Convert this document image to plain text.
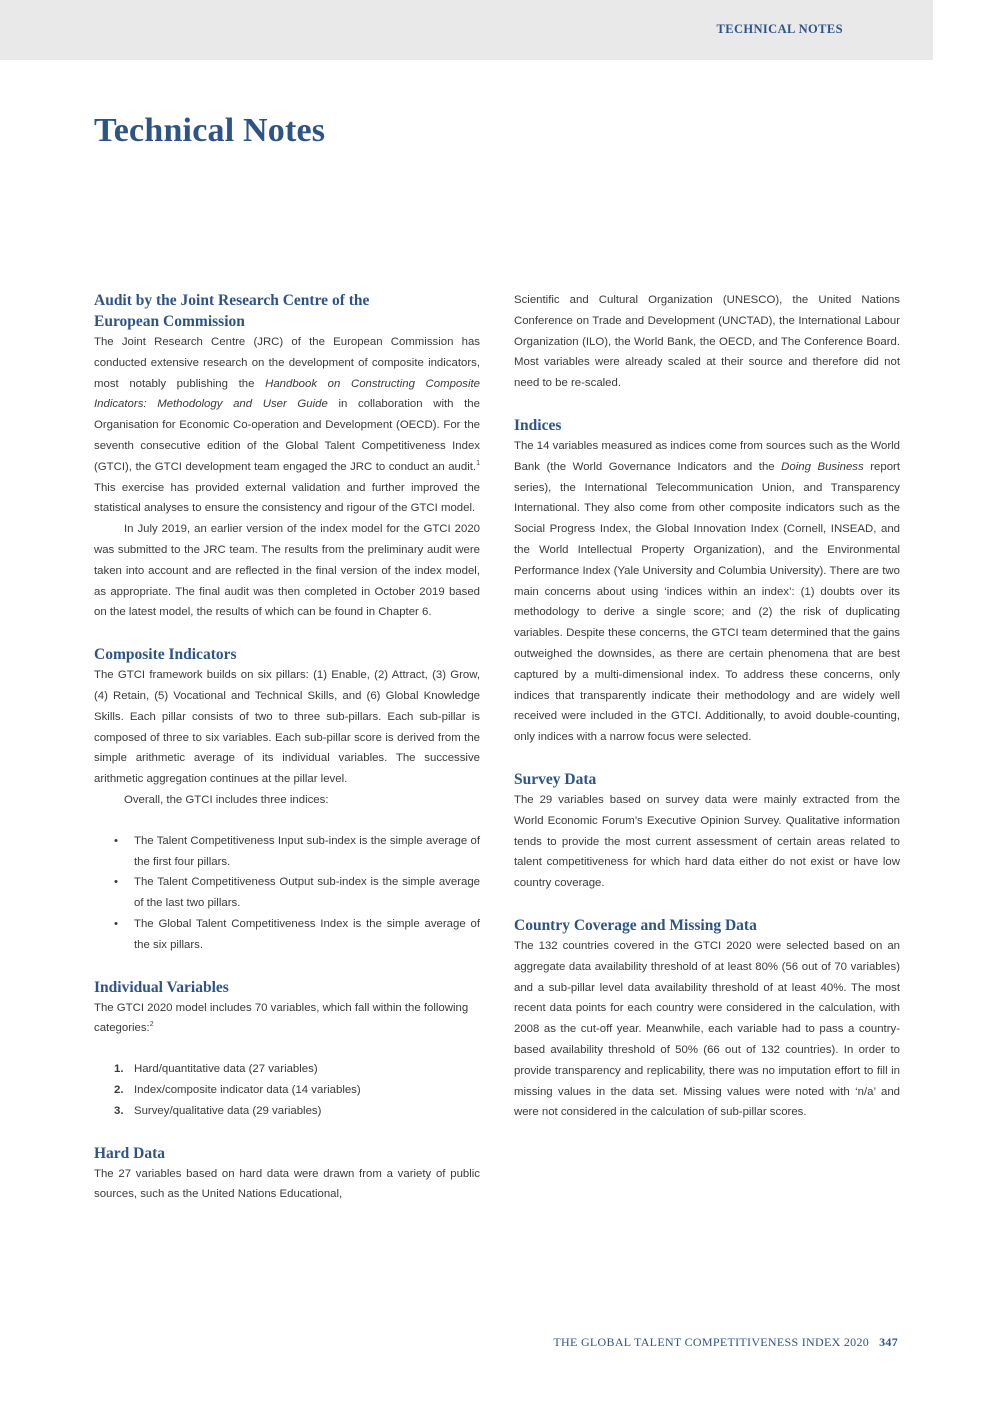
TECHNICAL NOTES
Technical Notes
Audit by the Joint Research Centre of the
European Commission

The Joint Research Centre (JRC) of the European Commission has conducted extensive research on the development of composite indicators, most notably publishing the Handbook on Constructing Composite Indicators: Methodology and User Guide in collaboration with the Organisation for Economic Co-operation and Development (OECD). For the seventh consecutive edition of the Global Talent Competitiveness Index (GTCI), the GTCI development team engaged the JRC to conduct an audit.$^1$ This exercise has provided external validation and further improved the statistical analyses to ensure the consistency and rigour of the GTCI model.

In July 2019, an earlier version of the index model for the GTCI 2020 was submitted to the JRC team. The results from the preliminary audit were taken into account and are reflected in the final version of the index model, as appropriate. The final audit was then completed in October 2019 based on the latest model, the results of which can be found in Chapter 6.

Composite Indicators

The GTCI framework builds on six pillars: (1) Enable, (2) Attract, (3) Grow, (4) Retain, (5) Vocational and Technical Skills, and (6) Global Knowledge Skills. Each pillar consists of two to three sub-pillars. Each sub-pillar is composed of three to six variables. Each sub-pillar score is derived from the simple arithmetic average of its individual variables. The successive arithmetic aggregation continues at the pillar level.

Overall, the GTCI includes three indices:

• The Talent Competitiveness Input sub-index is the simple average of the first four pillars.
• The Talent Competitiveness Output sub-index is the simple average of the last two pillars.
• The Global Talent Competitiveness Index is the simple average of the six pillars.
Individual Variables

The GTCI 2020 model includes 70 variables, which fall within the following categories:$^2$

1. Hard/quantitative data (27 variables)
2. Index/composite indicator data (14 variables)
3. Survey/qualitative data (29 variables)
Hard Data

The 27 variables based on hard data were drawn from a variety of public sources, such as the United Nations Educational,

Scientific and Cultural Organization (UNESCO), the United Nations Conference on Trade and Development (UNCTAD), the International Labour Organization (ILO), the World Bank, the OECD, and The Conference Board. Most variables were already scaled at their source and therefore did not need to be re-scaled.

Indices

The 14 variables measured as indices come from sources such as the World Bank (the World Governance Indicators and the Doing Business report series), the International Telecommunication Union, and Transparency International. They also come from other composite indicators such as the Social Progress Index, the Global Innovation Index (Cornell, INSEAD, and the World Intellectual Property Organization), and the Environmental Performance Index (Yale University and Columbia University). There are two main concerns about using ‘indices within an index’: (1) doubts over its methodology to derive a single score; and (2) the risk of duplicating variables. Despite these concerns, the GTCI team determined that the gains outweighed the downsides, as there are certain phenomena that are best captured by a multi-dimensional index. To address these concerns, only indices that transparently indicate their methodology and are widely well received were included in the GTCI. Additionally, to avoid double-counting, only indices with a narrow focus were selected.

Survey Data

The 29 variables based on survey data were mainly extracted from the World Economic Forum’s Executive Opinion Survey. Qualitative information tends to provide the most current assessment of certain areas related to talent competitiveness for which hard data either do not exist or have low country coverage.

Country Coverage and Missing Data

The 132 countries covered in the GTCI 2020 were selected based on an aggregate data availability threshold of at least 80% (56 out of 70 variables) and a sub-pillar level data availability threshold of at least 40%. The most recent data points for each country were considered in the calculation, with 2008 as the cut-off year. Meanwhile, each variable had to pass a country-based availability threshold of 50% (66 out of 132 countries). In order to provide transparency and replicability, there was no imputation effort to fill in missing values in the data set. Missing values were noted with ‘n/a’ and were not considered in the calculation of sub-pillar scores.

THE GLOBAL TALENT COMPETITIVENESS INDEX 2020 347
